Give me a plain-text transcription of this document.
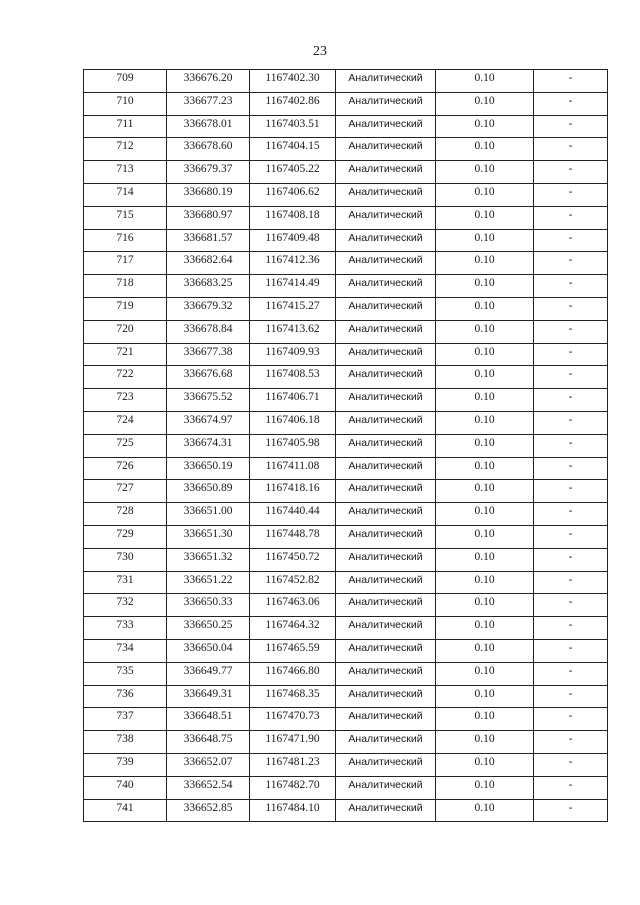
23
709	336676.20	1167402.30	Аналитический	0.10	-
710	336677.23	1167402.86	Аналитический	0.10	-
711	336678.01	1167403.51	Аналитический	0.10	-
712	336678.60	1167404.15	Аналитический	0.10	-
713	336679.37	1167405.22	Аналитический	0.10	-
714	336680.19	1167406.62	Аналитический	0.10	-
715	336680.97	1167408.18	Аналитический	0.10	-
716	336681.57	1167409.48	Аналитический	0.10	-
717	336682.64	1167412.36	Аналитический	0.10	-
718	336683.25	1167414.49	Аналитический	0.10	-
719	336679.32	1167415.27	Аналитический	0.10	-
720	336678.84	1167413.62	Аналитический	0.10	-
721	336677.38	1167409.93	Аналитический	0.10	-
722	336676.68	1167408.53	Аналитический	0.10	-
723	336675.52	1167406.71	Аналитический	0.10	-
724	336674.97	1167406.18	Аналитический	0.10	-
725	336674.31	1167405.98	Аналитический	0.10	-
726	336650.19	1167411.08	Аналитический	0.10	-
727	336650.89	1167418.16	Аналитический	0.10	-
728	336651.00	1167440.44	Аналитический	0.10	-
729	336651.30	1167448.78	Аналитический	0.10	-
730	336651.32	1167450.72	Аналитический	0.10	-
731	336651.22	1167452.82	Аналитический	0.10	-
732	336650.33	1167463.06	Аналитический	0.10	-
733	336650.25	1167464.32	Аналитический	0.10	-
734	336650.04	1167465.59	Аналитический	0.10	-
735	336649.77	1167466.80	Аналитический	0.10	-
736	336649.31	1167468.35	Аналитический	0.10	-
737	336648.51	1167470.73	Аналитический	0.10	-
738	336648.75	1167471.90	Аналитический	0.10	-
739	336652.07	1167481.23	Аналитический	0.10	-
740	336652.54	1167482.70	Аналитический	0.10	-
741	336652.85	1167484.10	Аналитический	0.10	-
